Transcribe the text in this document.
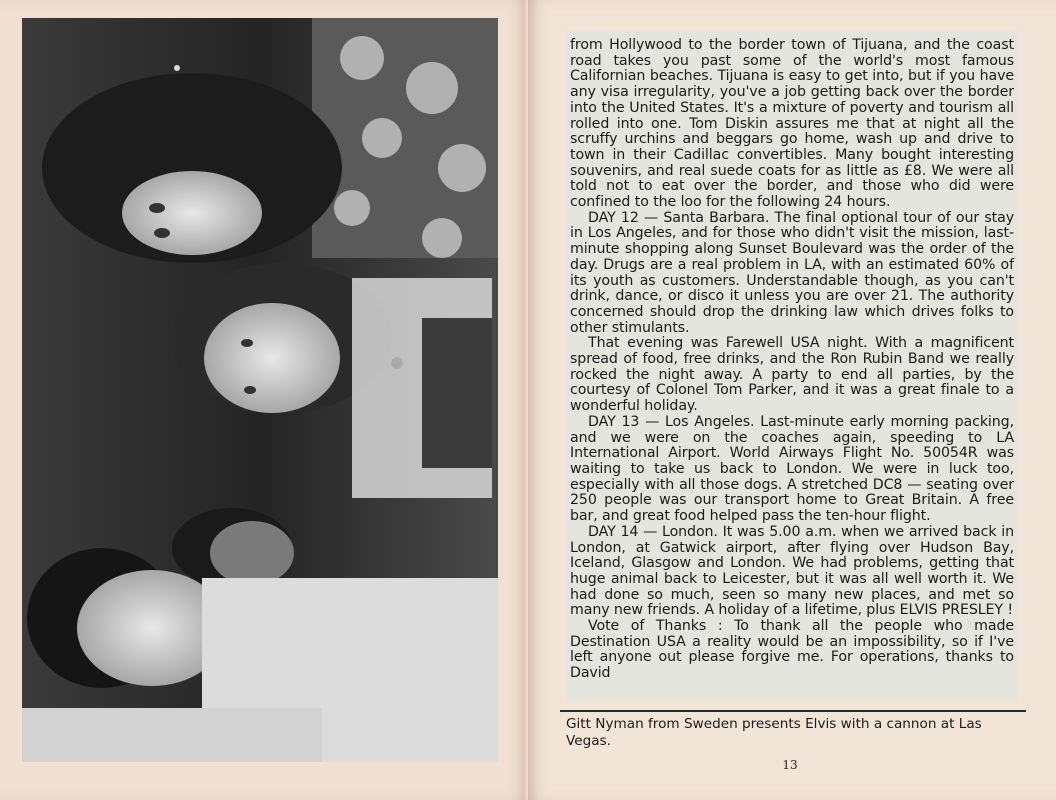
from Hollywood to the border town of Tijuana, and the coast road takes you past some of the world's most famous Californian beaches. Tijuana is easy to get into, but if you have any visa irregularity, you've a job getting back over the border into the United States. It's a mixture of poverty and tourism all rolled into one. Tom Diskin assures me that at night all the scruffy urchins and beggars go home, wash up and drive to town in their Cadillac convertibles. Many bought interesting souvenirs, and real suede coats for as little as £8. We were all told not to eat over the border, and those who did were confined to the loo for the following 24 hours.

DAY 12 — Santa Barbara. The final optional tour of our stay in Los Angeles, and for those who didn't visit the mission, last-minute shopping along Sunset Boulevard was the order of the day. Drugs are a real problem in LA, with an estimated 60% of its youth as customers. Understandable though, as you can't drink, dance, or disco it unless you are over 21. The authority concerned should drop the drinking law which drives folks to other stimulants.

That evening was Farewell USA night. With a magnificent spread of food, free drinks, and the Ron Rubin Band we really rocked the night away. A party to end all parties, by the courtesy of Colonel Tom Parker, and it was a great finale to a wonderful holiday.

DAY 13 — Los Angeles. Last-minute early morning packing, and we were on the coaches again, speeding to LA International Airport. World Airways Flight No. 50054R was waiting to take us back to London. We were in luck too, especially with all those dogs. A stretched DC8 — seating over 250 people was our transport home to Great Britain. A free bar, and great food helped pass the ten-hour flight.

DAY 14 — London. It was 5.00 a.m. when we arrived back in London, at Gatwick airport, after flying over Hudson Bay, Iceland, Glasgow and London. We had problems, getting that huge animal back to Leicester, but it was all well worth it. We had done so much, seen so many new places, and met so many new friends. A holiday of a lifetime, plus ELVIS PRESLEY !

Vote of Thanks : To thank all the people who made Destination USA a reality would be an impossibility, so if I've left anyone out please forgive me. For operations, thanks to David

Gitt Nyman from Sweden presents Elvis with a cannon at Las Vegas.

13
